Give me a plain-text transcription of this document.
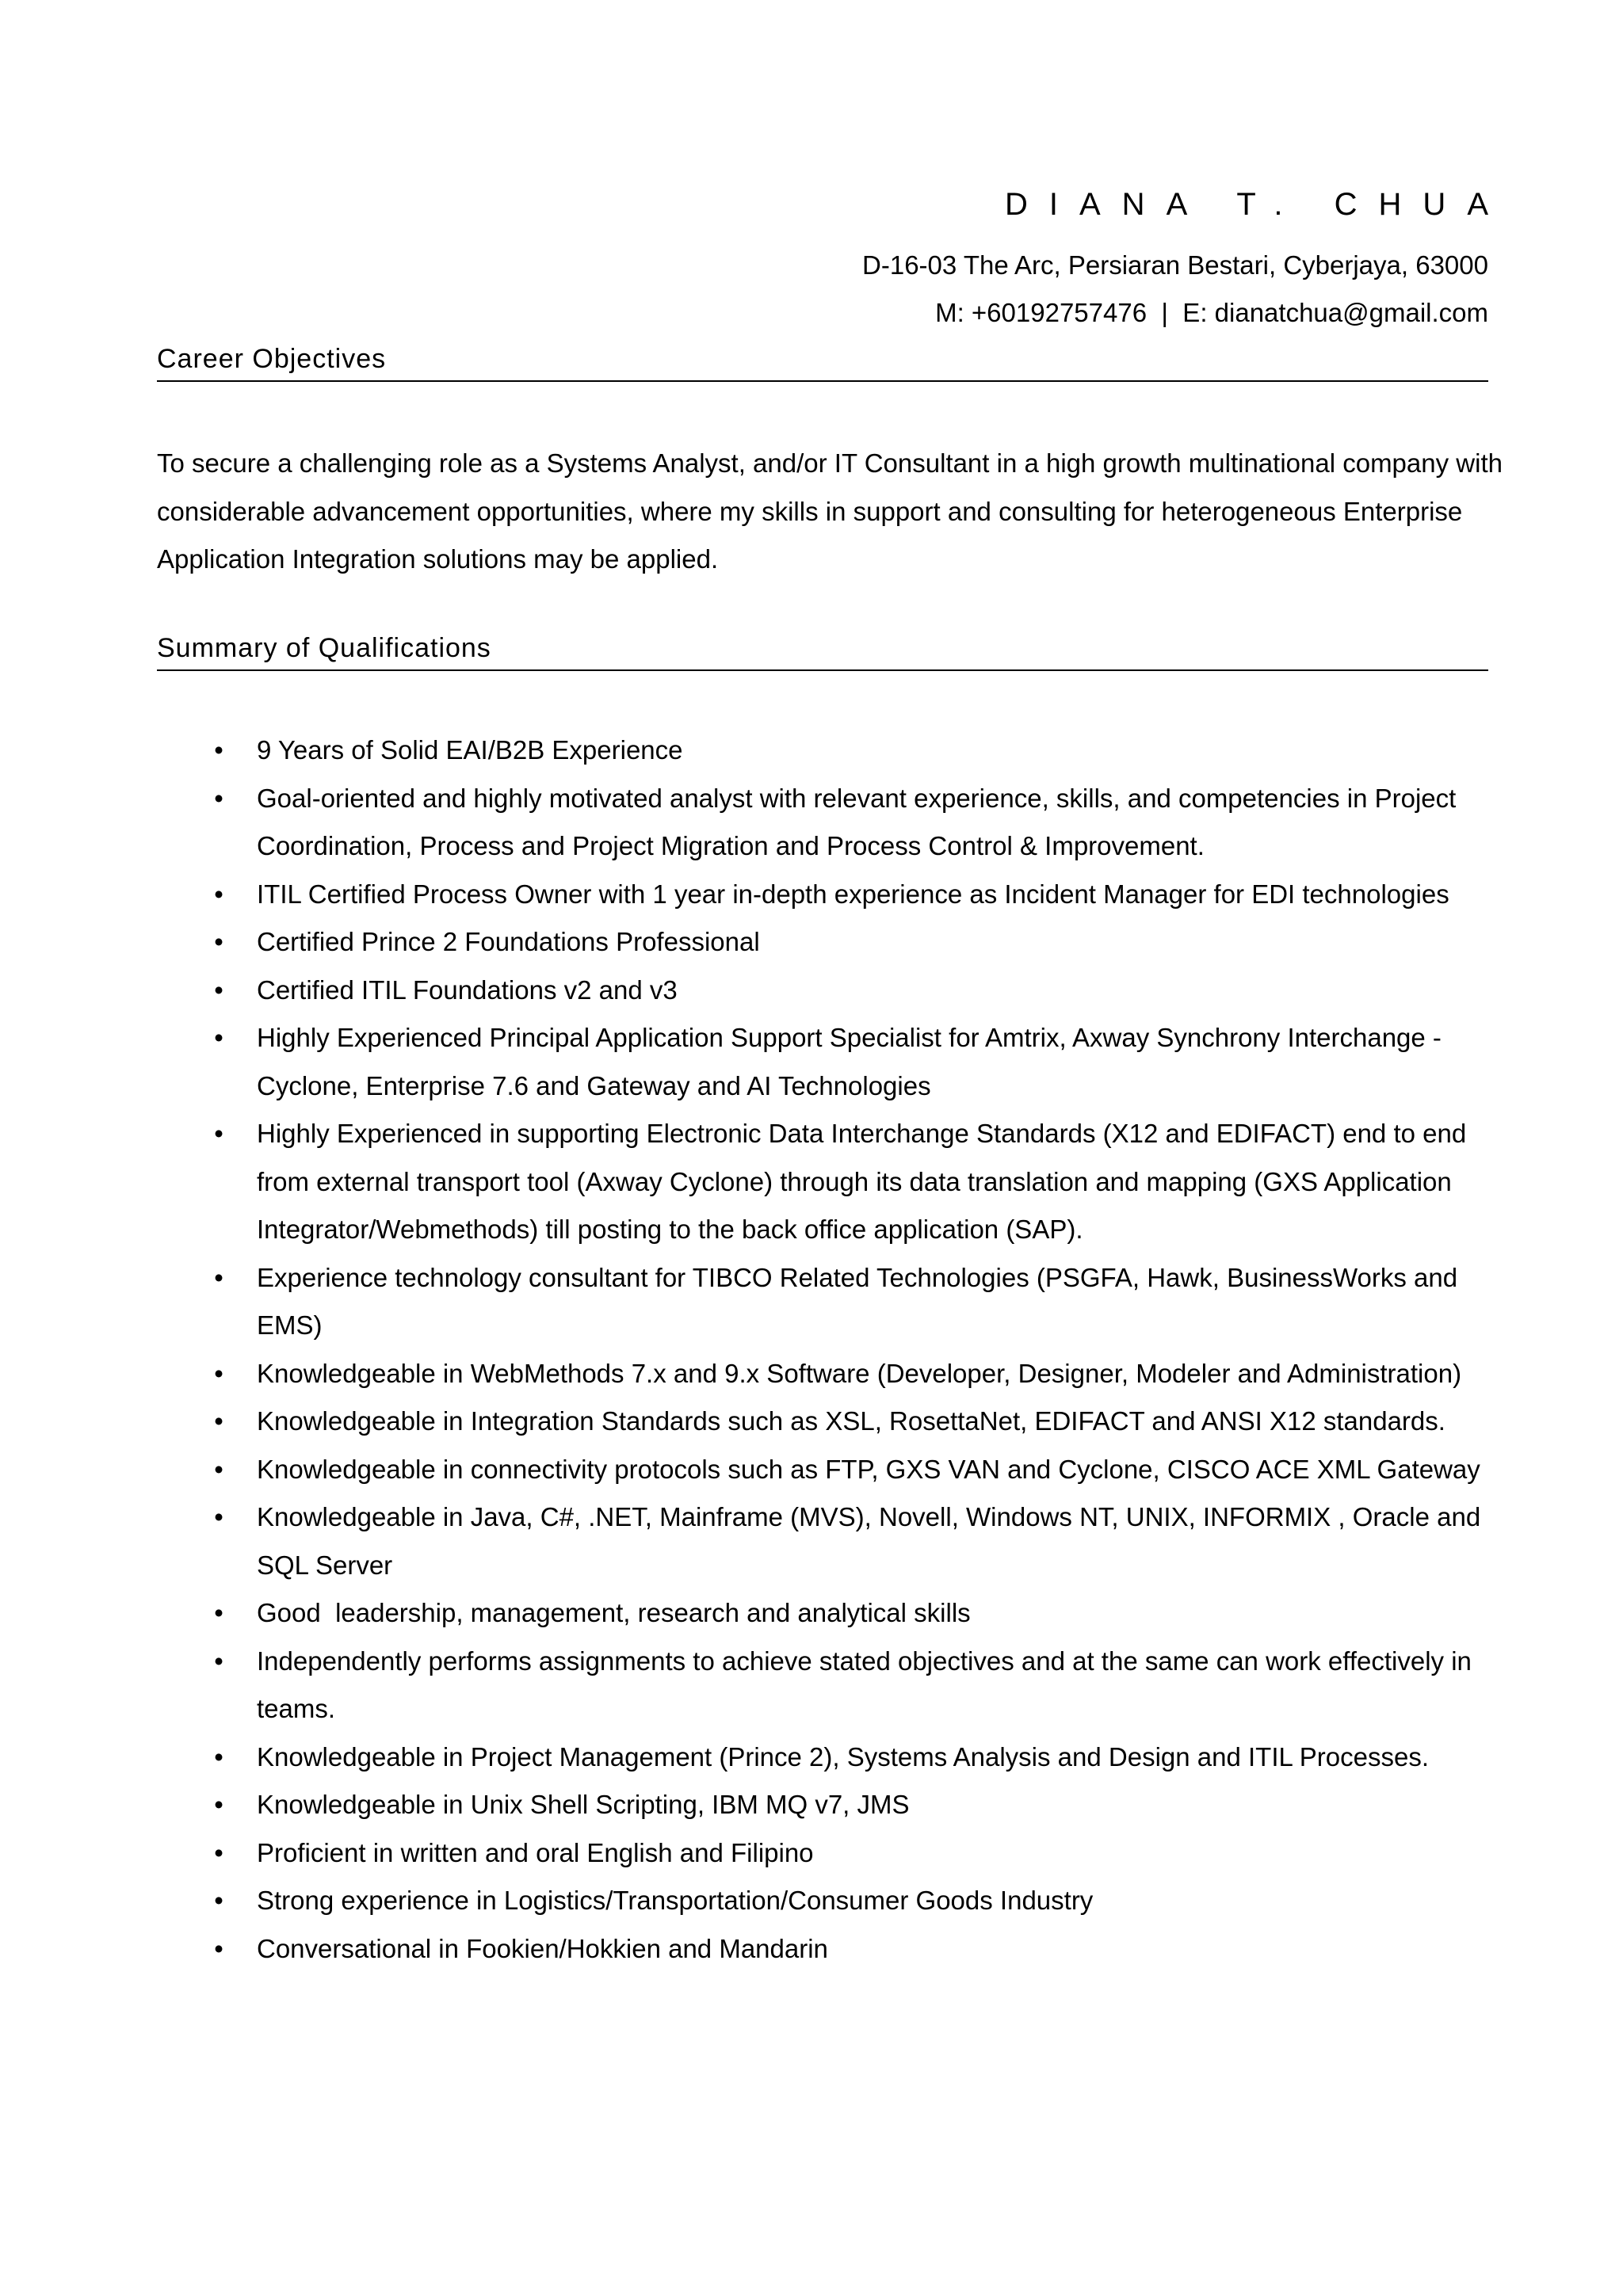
DIANA T. CHUA
D-16-03 The Arc, Persiaran Bestari, Cyberjaya, 63000
M: +60192757476  |  E: dianatchua@gmail.com
Career Objectives

To secure a challenging role as a Systems Analyst, and/or IT Consultant in a high growth multinational company with considerable advancement opportunities, where my skills in support and consulting for heterogeneous Enterprise Application Integration solutions may be applied.

Summary of Qualifications
• 9 Years of Solid EAI/B2B Experience
• Goal-oriented and highly motivated analyst with relevant experience, skills, and competencies in Project Coordination, Process and Project Migration and Process Control & Improvement.
• ITIL Certified Process Owner with 1 year in-depth experience as Incident Manager for EDI technologies
• Certified Prince 2 Foundations Professional
• Certified ITIL Foundations v2 and v3
• Highly Experienced Principal Application Support Specialist for Amtrix, Axway Synchrony Interchange - Cyclone, Enterprise 7.6 and Gateway and AI Technologies
• Highly Experienced in supporting Electronic Data Interchange Standards (X12 and EDIFACT) end to end from external transport tool (Axway Cyclone) through its data translation and mapping (GXS Application Integrator/Webmethods) till posting to the back office application (SAP).
• Experience technology consultant for TIBCO Related Technologies (PSGFA, Hawk, BusinessWorks and EMS)
• Knowledgeable in WebMethods 7.x and 9.x Software (Developer, Designer, Modeler and Administration)
• Knowledgeable in Integration Standards such as XSL, RosettaNet, EDIFACT and ANSI X12 standards.
• Knowledgeable in connectivity protocols such as FTP, GXS VAN and Cyclone, CISCO ACE XML Gateway
• Knowledgeable in Java, C#, .NET, Mainframe (MVS), Novell, Windows NT, UNIX, INFORMIX , Oracle and SQL Server
• Good  leadership, management, research and analytical skills
• Independently performs assignments to achieve stated objectives and at the same can work effectively in teams.
• Knowledgeable in Project Management (Prince 2), Systems Analysis and Design and ITIL Processes.
• Knowledgeable in Unix Shell Scripting, IBM MQ v7, JMS
• Proficient in written and oral English and Filipino
• Strong experience in Logistics/Transportation/Consumer Goods Industry
• Conversational in Fookien/Hokkien and Mandarin
